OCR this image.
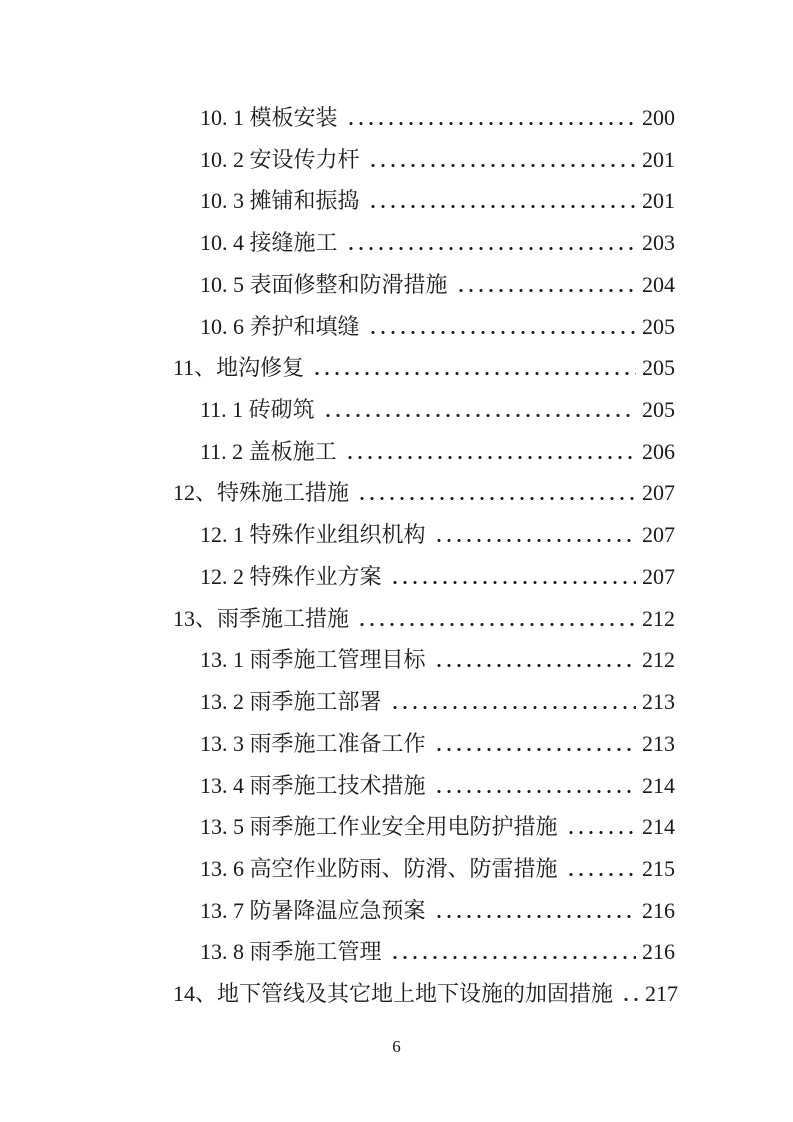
10. 1 模板安装	200
10. 2 安设传力杆	201
10. 3 摊铺和振捣	201
10. 4 接缝施工	203
10. 5 表面修整和防滑措施	204
10. 6 养护和填缝	205
11、地沟修复	205
11. 1 砖砌筑	205
11. 2 盖板施工	206
12、特殊施工措施	207
12. 1 特殊作业组织机构	207
12. 2 特殊作业方案	207
13、雨季施工措施	212
13. 1 雨季施工管理目标	212
13. 2 雨季施工部署	213
13. 3 雨季施工准备工作	213
13. 4 雨季施工技术措施	214
13. 5 雨季施工作业安全用电防护措施	214
13. 6 高空作业防雨、防滑、防雷措施	215
13. 7 防暑降温应急预案	216
13. 8 雨季施工管理	216
14、地下管线及其它地上地下设施的加固措施 217
6
